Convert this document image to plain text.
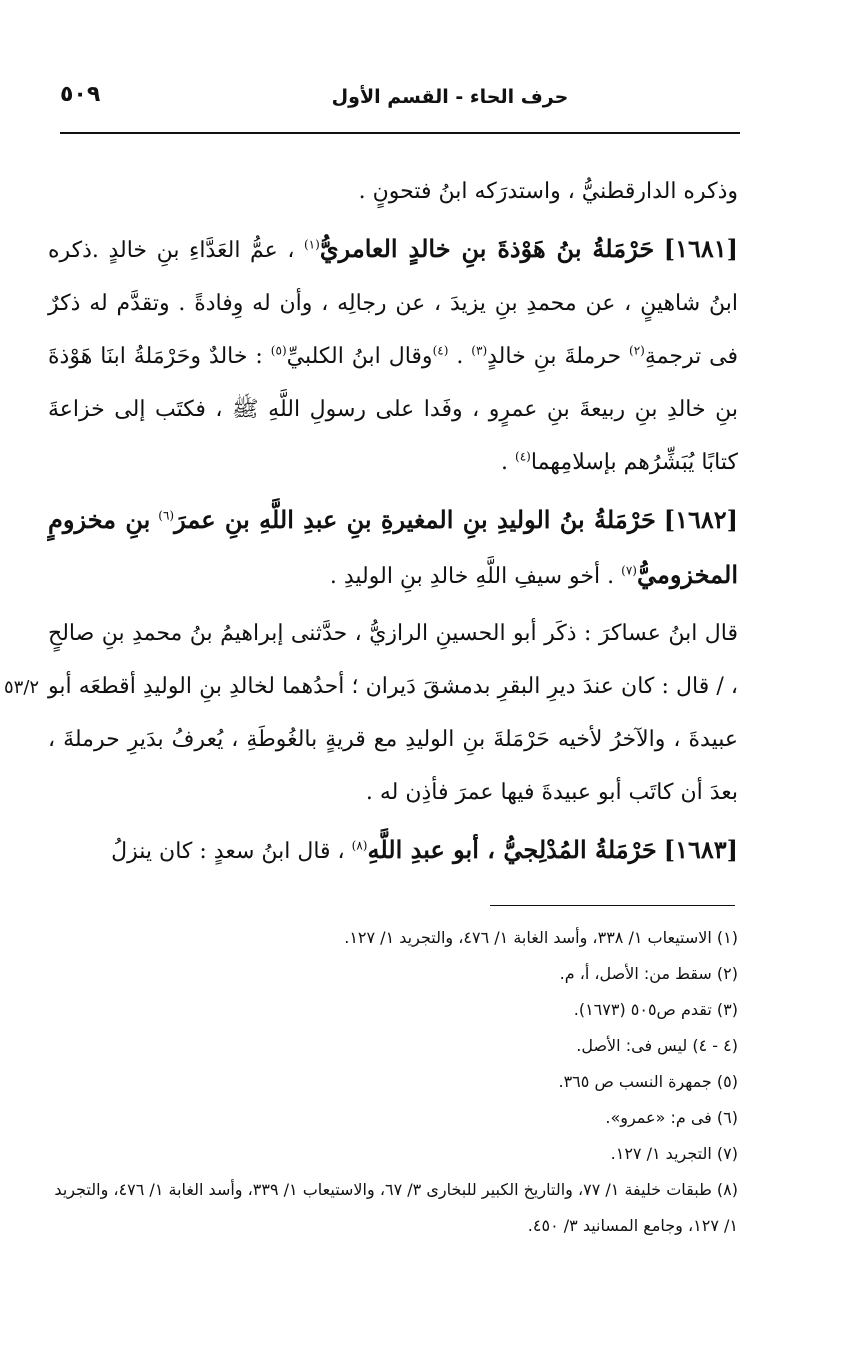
٥٠٩	حرف الحاء - القسم الأول
٥٣/٢

وذكره الدارقطنيُّ ، واستدرَكه ابنُ فتحونٍ .

[١٦٨١] حَرْمَلةُ بنُ هَوْذةَ بنِ خالدٍ العامريُّ$^{(١)}$ ، عمُّ العَدَّاءِ بنِ خالدٍ .ذكره ابنُ شاهينٍ ، عن محمدِ بنِ يزيدَ ، عن رجالِه ، وأن له وِفادةً . وتقدَّم له ذكرٌ فى ترجمةِ$^{(٢)}$ حرملةَ بنِ خالدٍ$^{(٣)}$ . $^{(٤)}$وقال ابنُ الكلبيِّ$^{(٥)}$ : خالدٌ وحَرْمَلةُ ابنَا هَوْذةَ بنِ خالدِ بنِ ربيعةَ بنِ عمرٍو ، وفَدا على رسولِ اللَّهِ ﷺ ، فكتَب إلى خزاعةَ كتابًا يُبَشِّرُهم بإسلامِهما$^{(٤)}$ .

[١٦٨٢] حَرْمَلةُ بنُ الوليدِ بنِ المغيرةِ بنِ عبدِ اللَّهِ بنِ عمرَ$^{(٦)}$ بنِ مخزومٍ المخزوميُّ$^{(٧)}$ . أخو سيفِ اللَّهِ خالدِ بنِ الوليدِ .

قال ابنُ عساكرَ : ذكَر أبو الحسينِ الرازيُّ ، حدَّثنى إبراهيمُ بنُ محمدِ بنِ صالحٍ ، / قال : كان عندَ ديرِ البقرِ بدمشقَ دَيران ؛ أحدُهما لخالدِ بنِ الوليدِ أقطعَه أبو عبيدةَ ، والآخرُ لأخيه حَرْمَلةَ بنِ الوليدِ مع قريةٍ بالغُوطَةِ ، يُعرفُ بدَيرِ حرملةَ ، بعدَ أن كاتَب أبو عبيدةَ فيها عمرَ فأذِن له .

[١٦٨٣] حَرْمَلةُ المُدْلِجيُّ ، أبو عبدِ اللَّهِ$^{(٨)}$ ، قال ابنُ سعدٍ : كان ينزلُ

(١) الاستيعاب ١/ ٣٣٨، وأسد الغابة ١/ ٤٧٦، والتجريد ١/ ١٢٧.
(٢) سقط من: الأصل، أ، م.
(٣) تقدم ص٥٠٥ (١٦٧٣).
(٤ - ٤) ليس فى: الأصل.
(٥) جمهرة النسب ص ٣٦٥.
(٦) فى م: «عمرو».
(٧) التجريد ١/ ١٢٧.
(٨) طبقات خليفة ١/ ٧٧، والتاريخ الكبير للبخارى ٣/ ٦٧، والاستيعاب ١/ ٣٣٩، وأسد الغابة ١/ ٤٧٦، والتجريد ١/ ١٢٧، وجامع المسانيد ٣/ ٤٥٠.
